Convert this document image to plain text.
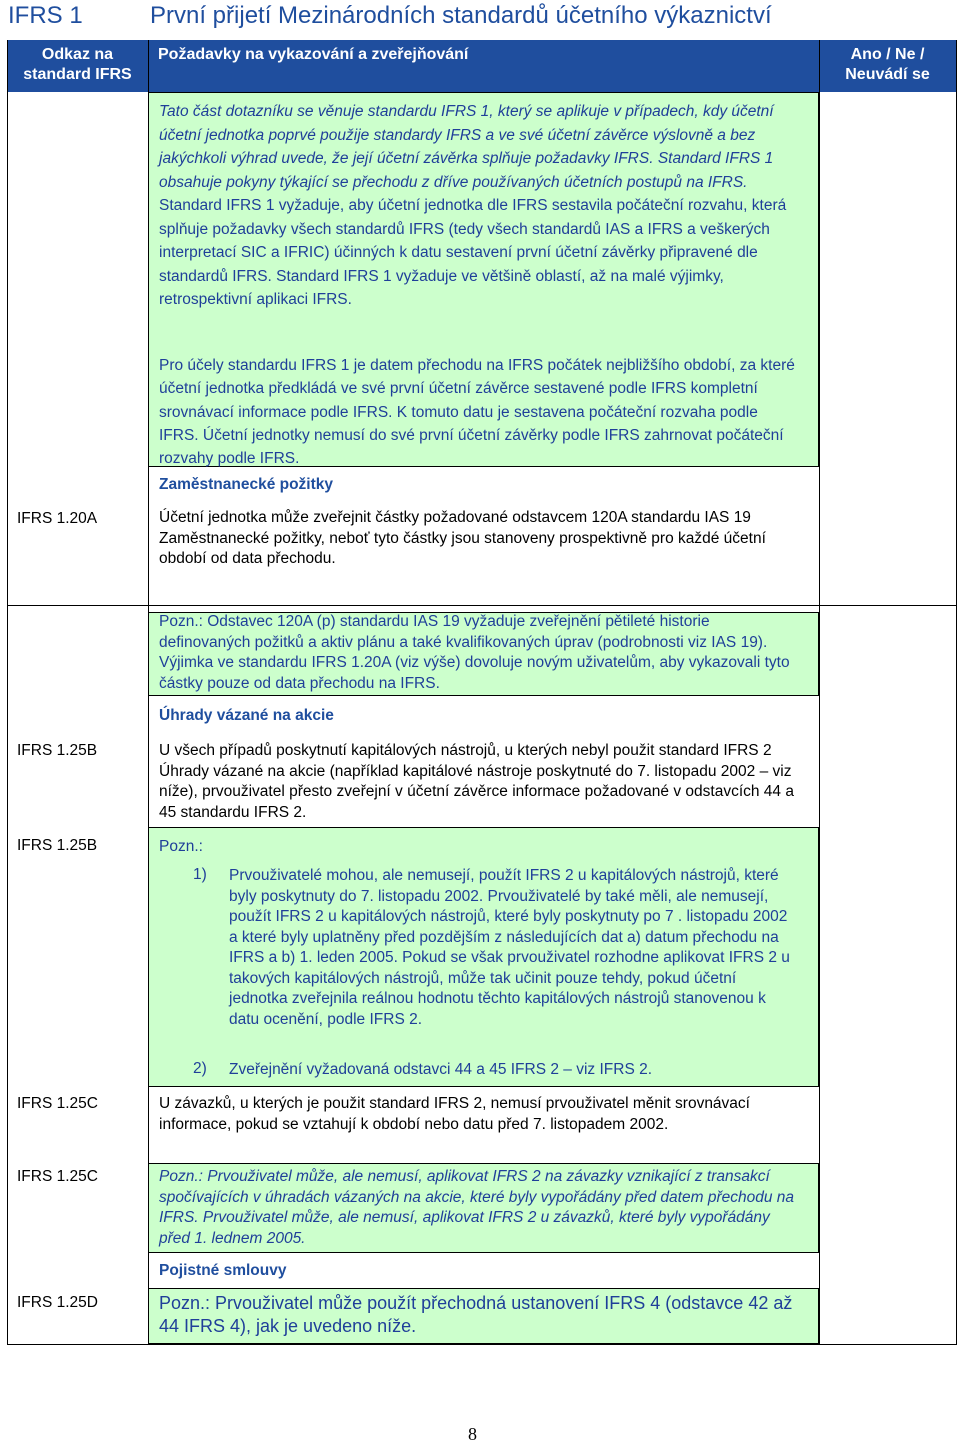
IFRS 1	První přijetí Mezinárodních standardů účetního výkaznictví
Odkaz na standard IFRS
Požadavky na vykazování a zveřejňování	Ano / Ne / Neuvádí se
Tato část dotazníku se věnuje standardu IFRS 1, který se aplikuje v případech, kdy účetní účetní jednotka poprvé použije standardy IFRS a ve své účetní závěrce výslovně a bez jakýchkoli výhrad uvede, že její účetní závěrka splňuje požadavky IFRS. Standard IFRS 1 obsahuje pokyny týkající se přechodu z dříve používaných účetních postupů na IFRS. Standard IFRS 1 vyžaduje, aby účetní jednotka dle IFRS sestavila počáteční rozvahu, která splňuje požadavky všech standardů IFRS (tedy všech standardů IAS a IFRS a veškerých interpretací SIC a IFRIC) účinných k datu sestavení první účetní závěrky připravené dle standardů IFRS. Standard IFRS 1 vyžaduje ve většině oblastí, až na malé výjimky, retrospektivní aplikaci IFRS.
Pro účely standardu IFRS 1 je datem přechodu na IFRS počátek nejbližšího období, za které účetní jednotka předkládá ve své první účetní závěrce sestavené podle IFRS kompletní srovnávací informace podle IFRS. K tomuto datu je sestavena počáteční rozvaha podle IFRS. Účetní jednotky nemusí do své první účetní závěrky podle IFRS zahrnovat počáteční rozvahy podle IFRS.
Zaměstnanecké požitky
IFRS 1.20A	Účetní jednotka může zveřejnit částky požadované odstavcem 120A standardu IAS 19 Zaměstnanecké požitky, neboť tyto částky jsou stanoveny prospektivně pro každé účetní období od data přechodu.
Pozn.: Odstavec 120A (p) standardu IAS 19 vyžaduje zveřejnění pětileté historie definovaných požitků a aktiv plánu a také kvalifikovaných úprav (podrobnosti viz IAS 19). Výjimka ve standardu IFRS 1.20A (viz výše) dovoluje novým uživatelům, aby vykazovali tyto částky pouze od data přechodu na IFRS.
Úhrady vázané na akcie
IFRS 1.25B	U všech případů poskytnutí kapitálových nástrojů, u kterých nebyl použit standard IFRS 2 Úhrady vázané na akcie (například kapitálové nástroje poskytnuté do 7. listopadu 2002 – viz níže), prvouživatel přesto zveřejní v účetní závěrce informace požadované v odstavcích 44 a 45 standardu IFRS 2.
IFRS 1.25B	Pozn.:
1) Prvouživatelé mohou, ale nemusejí, použít IFRS 2 u kapitálových nástrojů, které byly poskytnuty do 7. listopadu 2002. Prvouživatelé by také měli, ale nemusejí, použít IFRS 2 u kapitálových nástrojů, které byly poskytnuty po 7 . listopadu 2002 a které byly uplatněny před pozdějším z následujících dat a) datum přechodu na IFRS a b) 1. leden 2005. Pokud se však prvouživatel rozhodne aplikovat IFRS 2 u takových kapitálových nástrojů, může tak učinit pouze tehdy, pokud účetní jednotka zveřejnila reálnou hodnotu těchto kapitálových nástrojů stanovenou k datu ocenění, podle IFRS 2.
2) Zveřejnění vyžadovaná odstavci 44 a 45 IFRS 2 – viz IFRS 2.
IFRS 1.25C	U závazků, u kterých je použit standard IFRS 2, nemusí prvouživatel měnit srovnávací informace, pokud se vztahují k období nebo datu před 7. listopadem 2002.
IFRS 1.25C	Pozn.: Prvouživatel může, ale nemusí, aplikovat IFRS 2 na závazky vznikající z transakcí spočívajících v úhradách vázaných na akcie, které byly vypořádány před datem přechodu na IFRS. Prvouživatel může, ale nemusí, aplikovat IFRS 2 u závazků, které byly vypořádány před 1. lednem 2005.
Pojistné smlouvy
IFRS 1.25D	Pozn.: Prvouživatel může použít přechodná ustanovení IFRS 4 (odstavce 42 až 44 IFRS 4), jak je uvedeno níže.
8
